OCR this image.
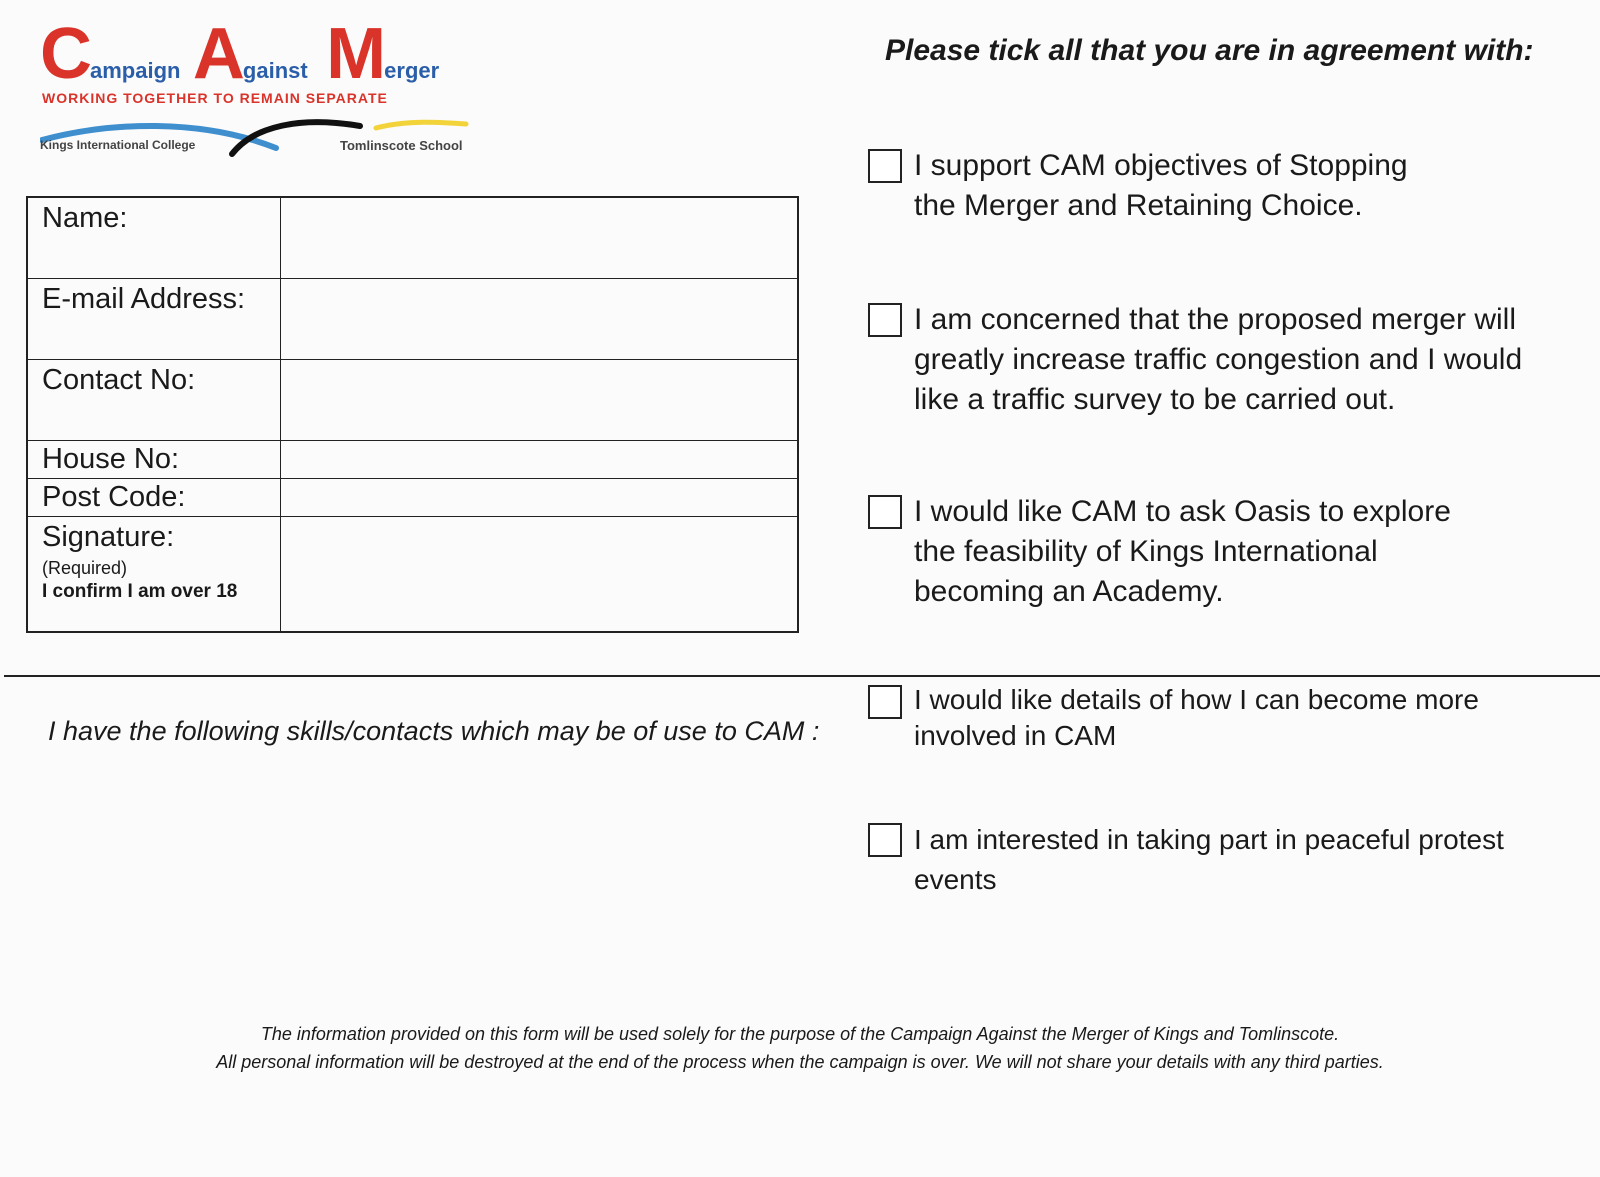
Campaign Against Merger
WORKING TOGETHER TO REMAIN SEPARATE
Kings International College	Tomlinscote School
Name:	
E-mail Address:	
Contact No:	
House No:	
Post Code:	
Signature:
(Required)
I confirm I am over 18	

Please tick all that you are in agreement with:
I support CAM objectives of Stopping the Merger and Retaining Choice.
I am concerned that the proposed merger will greatly increase traffic congestion and I would like a traffic survey to be carried out.
I would like CAM to ask Oasis to explore the feasibility of Kings International becoming an Academy.
I have the following skills/contacts which may be of use to CAM :
I would like details of how I can become more involved in CAM
I am interested in taking part in peaceful protest events
The information provided on this form will be used solely for the purpose of the Campaign Against the Merger of Kings and Tomlinscote.
All personal information will be destroyed at the end of the process when the campaign is over. We will not share your details with any third parties.
